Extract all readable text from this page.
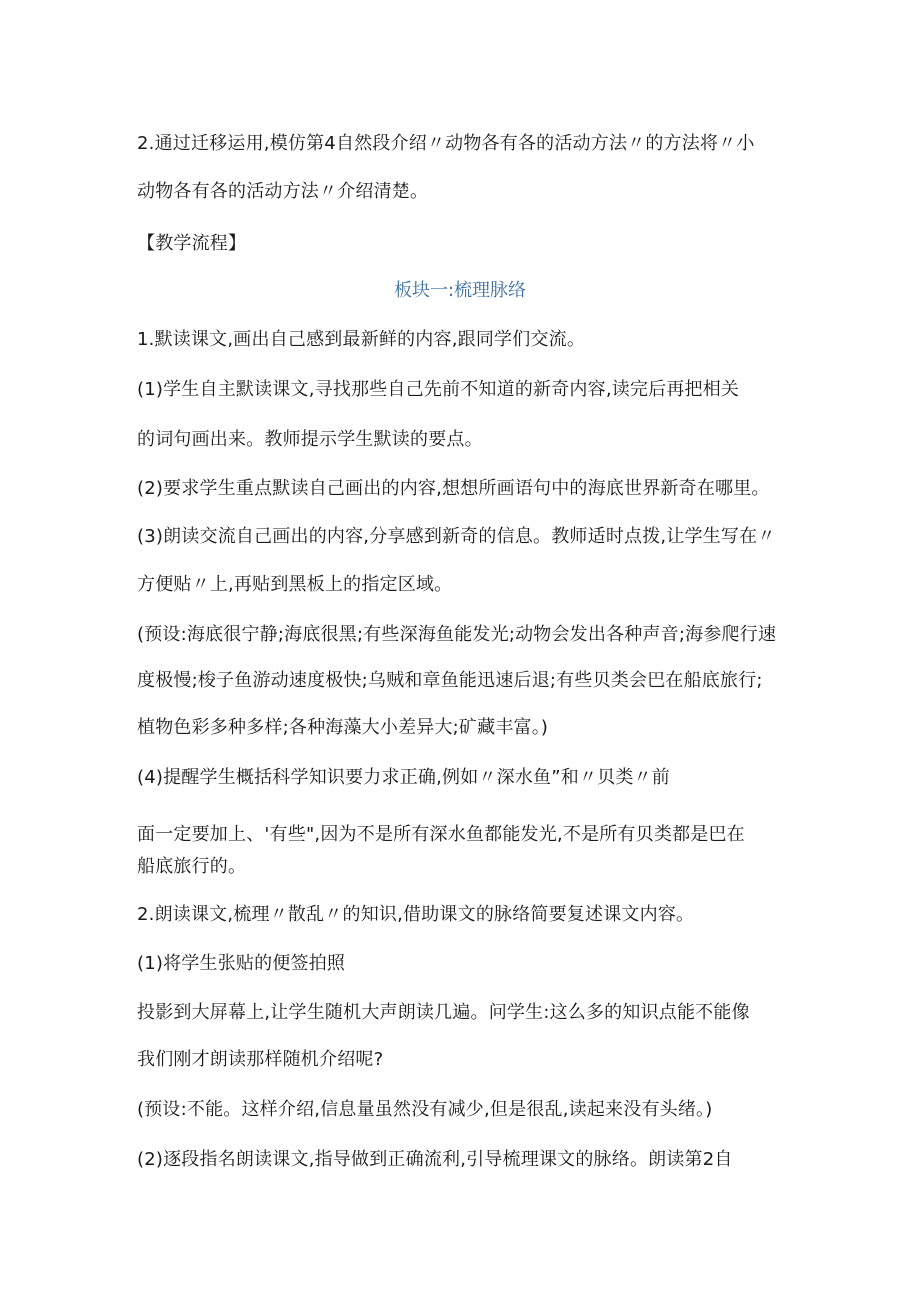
2.通过迁移运用,模仿第4自然段介绍〃动物各有各的活动方法〃的方法将〃小
动物各有各的活动方法〃介绍清楚。
【教学流程】
板块一:梳理脉络
1.默读课文,画出自己感到最新鲜的内容,跟同学们交流。
(1)学生自主默读课文,寻找那些自己先前不知道的新奇内容,读完后再把相关
的词句画出来。教师提示学生默读的要点。
(2)要求学生重点默读自己画出的内容,想想所画语句中的海底世界新奇在哪里。
(3)朗读交流自己画出的内容,分享感到新奇的信息。教师适时点拨,让学生写在〃
方便贴〃上,再贴到黑板上的指定区域。
(预设:海底很宁静;海底很黑;有些深海鱼能发光;动物会发出各种声音;海参爬行速
度极慢;梭子鱼游动速度极快;乌贼和章鱼能迅速后退;有些贝类会巴在船底旅行;
植物色彩多种多样;各种海藻大小差异大;矿藏丰富。)
(4)提醒学生概括科学知识要力求正确,例如〃深水鱼”和〃贝类〃前
面一定要加上、'有些",因为不是所有深水鱼都能发光,不是所有贝类都是巴在
船底旅行的。
2.朗读课文,梳理〃散乱〃的知识,借助课文的脉络简要复述课文内容。
(1)将学生张贴的便签拍照
投影到大屏幕上,让学生随机大声朗读几遍。问学生:这么多的知识点能不能像
我们刚才朗读那样随机介绍呢?
(预设:不能。这样介绍,信息量虽然没有减少,但是很乱,读起来没有头绪。)
(2)逐段指名朗读课文,指导做到正确流利,引导梳理课文的脉络。朗读第2自
